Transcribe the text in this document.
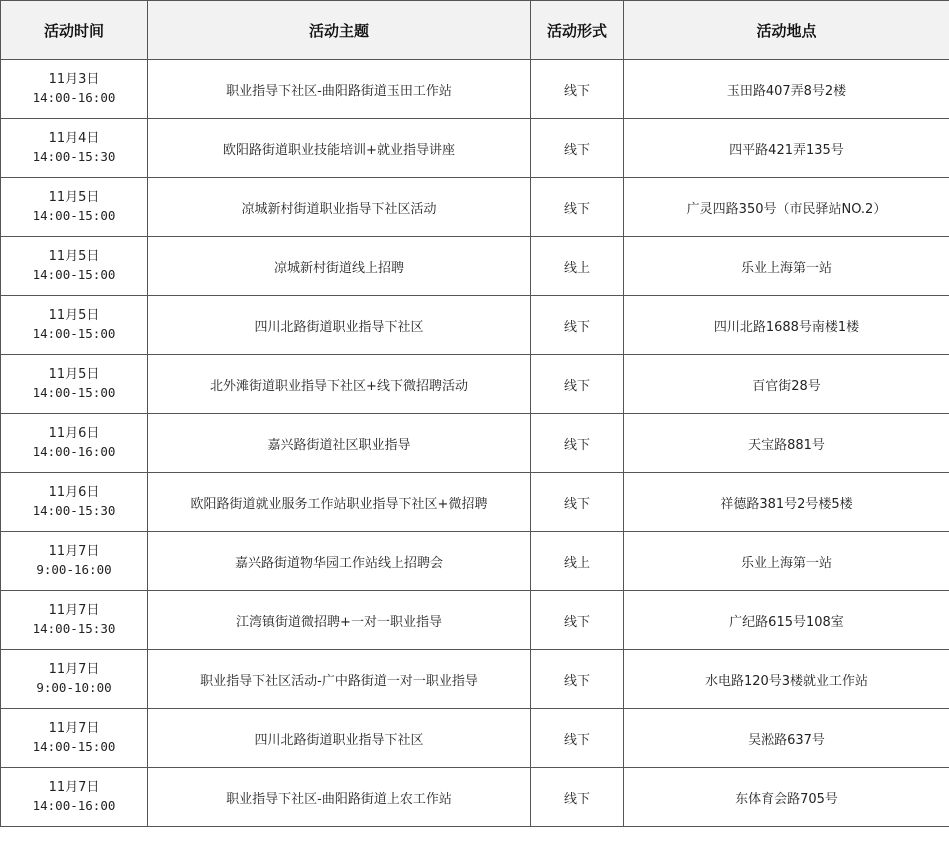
活动时间	活动主题	活动形式	活动地点

11月3日
14:00-16:00	职业指导下社区-曲阳路街道玉田工作站	线下	玉田路407弄8号2楼

11月4日
14:00-15:30	欧阳路街道职业技能培训+就业指导讲座	线下	四平路421弄135号

11月5日
14:00-15:00	凉城新村街道职业指导下社区活动	线下	广灵四路350号（市民驿站NO.2）

11月5日
14:00-15:00	凉城新村街道线上招聘	线上	乐业上海第一站

11月5日
14:00-15:00	四川北路街道职业指导下社区	线下	四川北路1688号南楼1楼

11月5日
14:00-15:00	北外滩街道职业指导下社区+线下微招聘活动	线下	百官街28号

11月6日
14:00-16:00	嘉兴路街道社区职业指导	线下	天宝路881号

11月6日
14:00-15:30	欧阳路街道就业服务工作站职业指导下社区+微招聘	线下	祥德路381号2号楼5楼

11月7日
9:00-16:00	嘉兴路街道物华园工作站线上招聘会	线上	乐业上海第一站

11月7日
14:00-15:30	江湾镇街道微招聘+一对一职业指导	线下	广纪路615号108室

11月7日
9:00-10:00	职业指导下社区活动-广中路街道一对一职业指导	线下	水电路120号3楼就业工作站

11月7日
14:00-15:00	四川北路街道职业指导下社区	线下	吴淞路637号

11月7日
14:00-16:00	职业指导下社区-曲阳路街道上农工作站	线下	东体育会路705号
